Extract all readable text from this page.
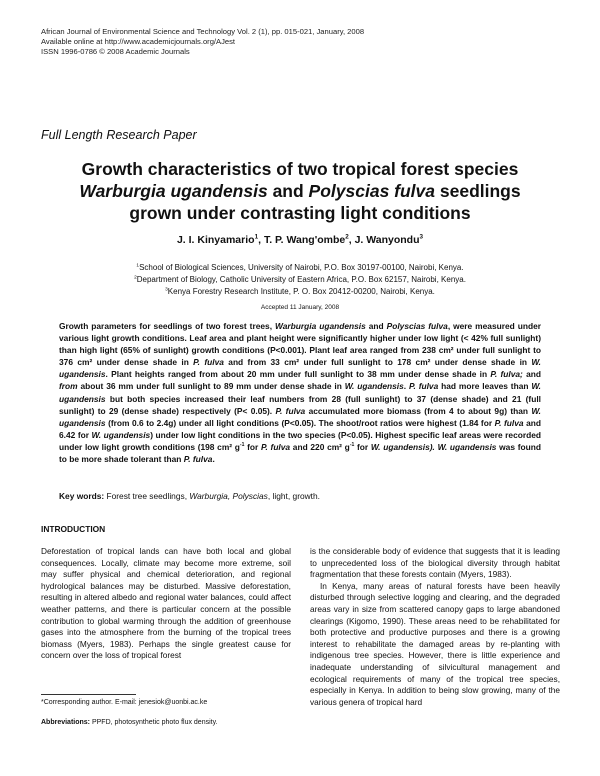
African Journal of Environmental Science and Technology Vol. 2 (1), pp. 015-021, January, 2008
Available online at http://www.academicjournals.org/AJest
ISSN 1996-0786 © 2008 Academic Journals
Full Length Research Paper
Growth characteristics of two tropical forest species
Warburgia ugandensis and Polyscias fulva seedlings
grown under contrasting light conditions
J. I. Kinyamario$^1$, T. P. Wang'ombe$^2$, J. Wanyondu$^3$
$^1$School of Biological Sciences, University of Nairobi, P.O. Box 30197-00100, Nairobi, Kenya.
$^2$Department of Biology, Catholic University of Eastern Africa, P.O. Box 62157, Nairobi, Kenya.
$^3$Kenya Forestry Research Institute, P. O. Box 20412-00200, Nairobi, Kenya.
Accepted 11 January, 2008
Growth parameters for seedlings of two forest trees, Warburgia ugandensis and Polyscias fulva, were measured under various light growth conditions. Leaf area and plant height were significantly higher under low light (< 42% full sunlight) than high light (65% of sunlight) growth conditions (P<0.001). Plant leaf area ranged from 238 cm² under full sunlight to 376 cm² under dense shade in P. fulva and from 33 cm² under full sunlight to 178 cm² under dense shade in W. ugandensis. Plant heights ranged from about 20 mm under full sunlight to 38 mm under dense shade in P. fulva; and from about 36 mm under full sunlight to 89 mm under dense shade in W. ugandensis. P. fulva had more leaves than W. ugandensis but both species increased their leaf numbers from 28 (full sunlight) to 37 (dense shade) and 21 (full sunlight) to 29 (dense shade) respectively (P< 0.05). P. fulva accumulated more biomass (from 4 to about 9g) than W. ugandensis (from 0.6 to 2.4g) under all light conditions (P<0.05). The shoot/root ratios were highest (1.84 for P. fulva and 6.42 for W. ugandensis) under low light conditions in the two species (P<0.05). Highest specific leaf areas were recorded under low light growth conditions (198 cm² $g^{-1}$ for P. fulva and 220 cm² $g^{-1}$ for W. ugandensis). W. ugandensis was found to be more shade tolerant than P. fulva.
Key words: Forest tree seedlings, Warburgia, Polyscias, light, growth.
INTRODUCTION

Deforestation of tropical lands can have both local and global consequences. Locally, climate may become more extreme, soil may suffer physical and chemical deterioration, and regional hydrological balances may be disturbed. Massive deforestation, resulting in altered albedo and regional water balances, could affect weather patterns, and there is particular concern at the possible contribution to global warming through the addition of greenhouse gases into the atmosphere from the burning of the tropical trees biomass (Myers, 1983). Perhaps the single greatest cause for concern over the loss of tropical forest

is the considerable body of evidence that suggests that it is leading to unprecedented loss of the biological diversity through habitat fragmentation that these forests contain (Myers, 1983).

In Kenya, many areas of natural forests have been heavily disturbed through selective logging and clearing, and the degraded areas vary in size from scattered canopy gaps to large abandoned clearings (Kigomo, 1990). These areas need to be rehabilitated for both protective and productive purposes and there is a growing interest to rehabilitate the damaged areas by re-planting with indigenous tree species. However, there is little experience and inadequate understanding of silvicultural management and ecological requirements of many of the tropical tree species, especially in Kenya. In addition to being slow growing, many of the various genera of tropical hard

*Corresponding author. E-mail: jenesiok@uonbi.ac.ke
Abbreviations: PPFD, photosynthetic photo flux density.
